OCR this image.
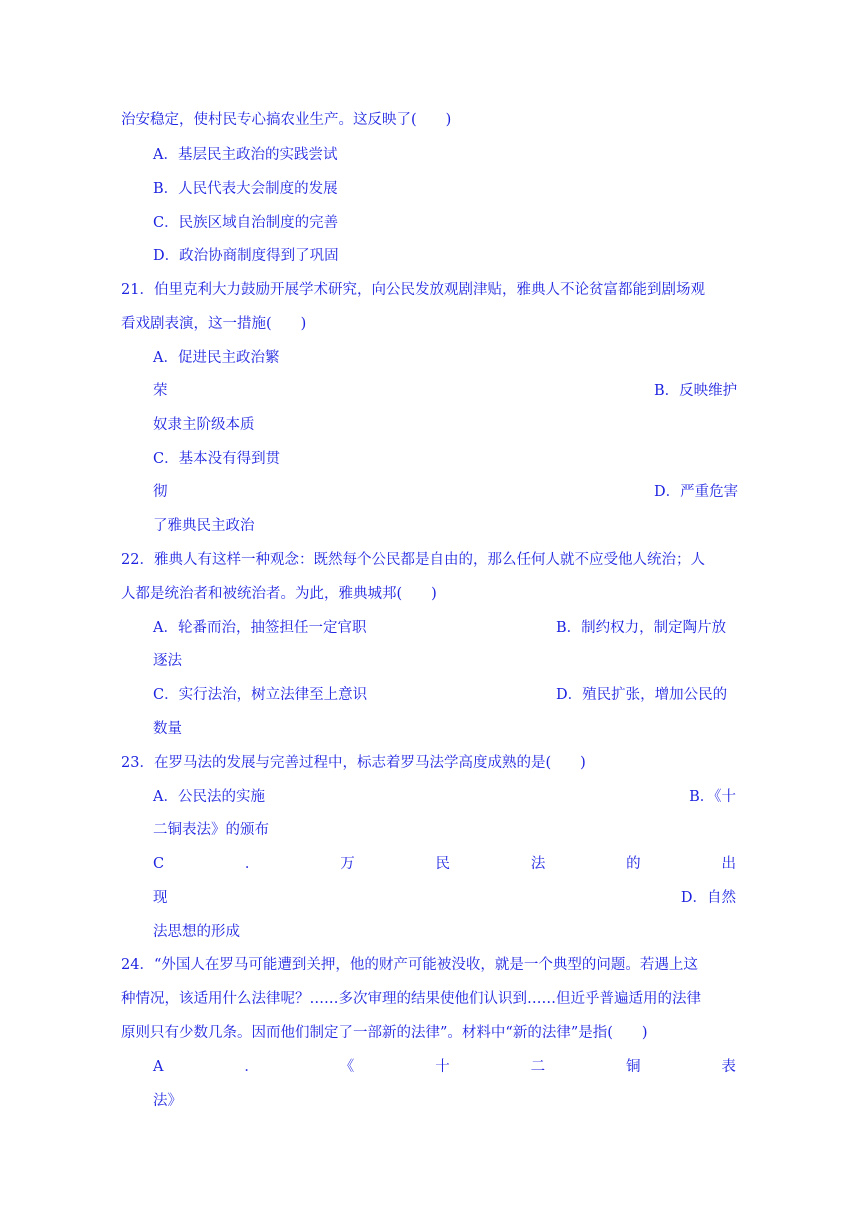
治安稳定，使村民专心搞农业生产。这反映了(　　)
A．基层民主政治的实践尝试
B．人民代表大会制度的发展
C．民族区域自治制度的完善
D．政治协商制度得到了巩固
21．伯里克利大力鼓励开展学术研究，向公民发放观剧津贴，雅典人不论贫富都能到剧场观
看戏剧表演，这一措施(　　)
A．促进民主政治繁
荣	B．反映维护
奴隶主阶级本质
C．基本没有得到贯
彻	D．严重危害
了雅典民主政治
22．雅典人有这样一种观念：既然每个公民都是自由的，那么任何人就不应受他人统治；人
人都是统治者和被统治者。为此，雅典城邦(　　)
A．轮番而治，抽签担任一定官职	B．制约权力，制定陶片放
逐法
C．实行法治，树立法律至上意识	D．殖民扩张，增加公民的
数量
23．在罗马法的发展与完善过程中，标志着罗马法学高度成熟的是(　　)
A．公民法的实施	B．《十
二铜表法》的颁布
C	．	万	民	法	的	出
现	D．自然
法思想的形成
24．“外国人在罗马可能遭到关押，他的财产可能被没收，就是一个典型的问题。若遇上这
种情况，该适用什么法律呢？……多次审理的结果使他们认识到……但近乎普遍适用的法律
原则只有少数几条。因而他们制定了一部新的法律”。材料中“新的法律”是指(　　)
A	．	《	十	二	铜	表
法》
